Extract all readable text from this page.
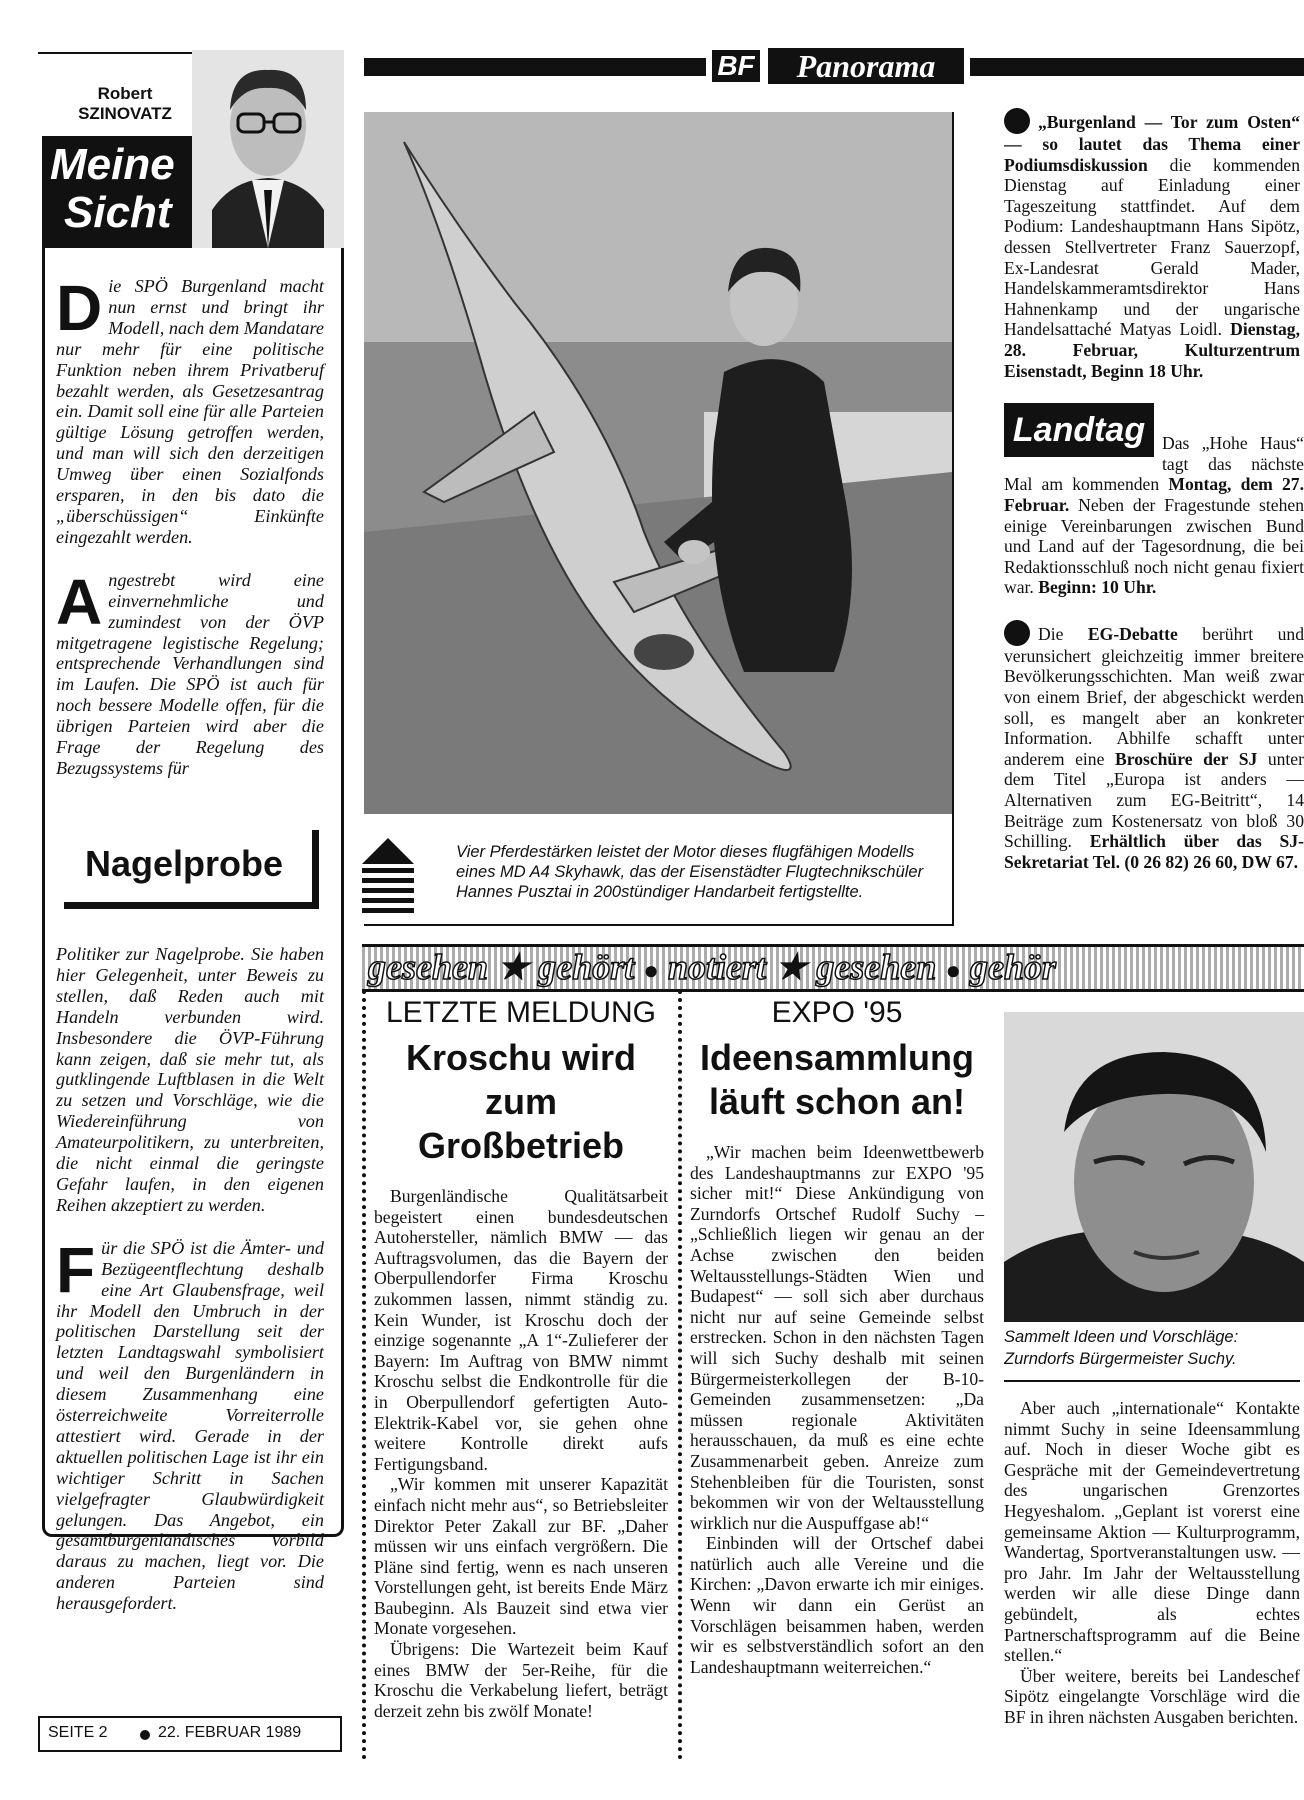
BF	Panorama
Robert
SZINOVATZ
Meine
Sicht
Die SPÖ Burgenland macht nun ernst und bringt ihr Modell, nach dem Mandatare nur mehr für eine politische Funktion neben ihrem Privatberuf bezahlt werden, als Gesetzesantrag ein. Damit soll eine für alle Parteien gültige Lösung getroffen werden, und man will sich den derzeitigen Umweg über einen Sozialfonds ersparen, in den bis dato die „überschüssigen“ Einkünfte eingezahlt werden.
Angestrebt wird eine einvernehmliche und zumindest von der ÖVP mitgetragene legistische Regelung; entsprechende Verhandlungen sind im Laufen. Die SPÖ ist auch für noch bessere Modelle offen, für die übrigen Parteien wird aber die Frage der Regelung des Bezugssystems für
Nagelprobe
Politiker zur Nagelprobe. Sie haben hier Gelegenheit, unter Beweis zu stellen, daß Reden auch mit Handeln verbunden wird. Insbesondere die ÖVP-Führung kann zeigen, daß sie mehr tut, als gutklingende Luftblasen in die Welt zu setzen und Vorschläge, wie die Wiedereinführung von Amateurpolitikern, zu unterbreiten, die nicht einmal die geringste Gefahr laufen, in den eigenen Reihen akzeptiert zu werden.
Für die SPÖ ist die Ämter- und Bezügeentflechtung deshalb eine Art Glaubensfrage, weil ihr Modell den Umbruch in der politischen Darstellung seit der letzten Landtagswahl symbolisiert und weil den Burgenländern in diesem Zusammenhang eine österreichweite Vorreiterrolle attestiert wird. Gerade in der aktuellen politischen Lage ist ihr ein wichtiger Schritt in Sachen vielgefragter Glaubwürdigkeit gelungen. Das Angebot, ein gesamtburgenländisches Vorbild daraus zu machen, liegt vor. Die anderen Parteien sind herausgefordert.
SEITE 2	22. FEBRUAR 1989
Vier Pferdestärken leistet der Motor dieses flugfähigen Modells eines MD A4 Skyhawk, das der Eisenstädter Flugtechnikschüler Hannes Pusztai in 200stündiger Handarbeit fertigstellte.
„Burgenland — Tor zum Osten“ — so lautet das Thema einer Podiumsdiskussion die kommenden Dienstag auf Einladung einer Tageszeitung stattfindet. Auf dem Podium: Landeshauptmann Hans Sipötz, dessen Stellvertreter Franz Sauerzopf, Ex-Landesrat Gerald Mader, Handelskammeramtsdirektor Hans Hahnenkamp und der ungarische Handelsattaché Matyas Loidl. Dienstag, 28. Februar, Kulturzentrum Eisenstadt, Beginn 18 Uhr.
Landtag Das „Hohe Haus“ tagt das nächste Mal am kommenden Montag, dem 27. Februar. Neben der Fragestunde stehen einige Vereinbarungen zwischen Bund und Land auf der Tagesordnung, die bei Redaktionsschluß noch nicht genau fixiert war. Beginn: 10 Uhr.
Die EG-Debatte berührt und verunsichert gleichzeitig immer breitere Bevölkerungsschichten. Man weiß zwar von einem Brief, der abgeschickt werden soll, es mangelt aber an konkreter Information. Abhilfe schafft unter anderem eine Broschüre der SJ unter dem Titel „Europa ist anders — Alternativen zum EG-Beitritt“, 14 Beiträge zum Kostenersatz von bloß 30 Schilling. Erhältlich über das SJ-Sekretariat Tel. (0 26 82) 26 60, DW 67.
gesehen ★ gehört ● notiert ★ gesehen ● gehör
LETZTE MELDUNG
Kroschu wird zum
Großbetrieb
Burgenländische Qualitätsarbeit begeistert einen bundesdeutschen Autohersteller, nämlich BMW — das Auftragsvolumen, das die Bayern der Oberpullendorfer Firma Kroschu zukommen lassen, nimmt ständig zu. Kein Wunder, ist Kroschu doch der einzige sogenannte „A 1“-Zulieferer der Bayern: Im Auftrag von BMW nimmt Kroschu selbst die Endkontrolle für die in Oberpullendorf gefertigten Auto-Elektrik-Kabel vor, sie gehen ohne weitere Kontrolle direkt aufs Fertigungsband.
„Wir kommen mit unserer Kapazität einfach nicht mehr aus“, so Betriebsleiter Direktor Peter Zakall zur BF. „Daher müssen wir uns einfach vergrößern. Die Pläne sind fertig, wenn es nach unseren Vorstellungen geht, ist bereits Ende März Baubeginn. Als Bauzeit sind etwa vier Monate vorgesehen.
Übrigens: Die Wartezeit beim Kauf eines BMW der 5er-Reihe, für die Kroschu die Verkabelung liefert, beträgt derzeit zehn bis zwölf Monate!
EXPO '95
Ideensammlung
läuft schon an!
„Wir machen beim Ideenwettbewerb des Landeshauptmanns zur EXPO '95 sicher mit!“ Diese Ankündigung von Zurndorfs Ortschef Rudolf Suchy – „Schließlich liegen wir genau an der Achse zwischen den beiden Weltausstellungs-Städten Wien und Budapest“ — soll sich aber durchaus nicht nur auf seine Gemeinde selbst erstrecken. Schon in den nächsten Tagen will sich Suchy deshalb mit seinen Bürgermeisterkollegen der B-10-Gemeinden zusammensetzen: „Da müssen regionale Aktivitäten herausschauen, da muß es eine echte Zusammenarbeit geben. Anreize zum Stehenbleiben für die Touristen, sonst bekommen wir von der Weltausstellung wirklich nur die Auspuffgase ab!“
Einbinden will der Ortschef dabei natürlich auch alle Vereine und die Kirchen: „Davon erwarte ich mir einiges. Wenn wir dann ein Gerüst an Vorschlägen beisammen haben, werden wir es selbstverständlich sofort an den Landeshauptmann weiterreichen.“
Sammelt Ideen und Vorschläge: Zurndorfs Bürgermeister Suchy.
Aber auch „internationale“ Kontakte nimmt Suchy in seine Ideensammlung auf. Noch in dieser Woche gibt es Gespräche mit der Gemeindevertretung des ungarischen Grenzortes Hegyeshalom. „Geplant ist vorerst eine gemeinsame Aktion — Kulturprogramm, Wandertag, Sportveranstaltungen usw. — pro Jahr. Im Jahr der Weltausstellung werden wir alle diese Dinge dann gebündelt, als echtes Partnerschaftsprogramm auf die Beine stellen.“
Über weitere, bereits bei Landeschef Sipötz eingelangte Vorschläge wird die BF in ihren nächsten Ausgaben berichten.
